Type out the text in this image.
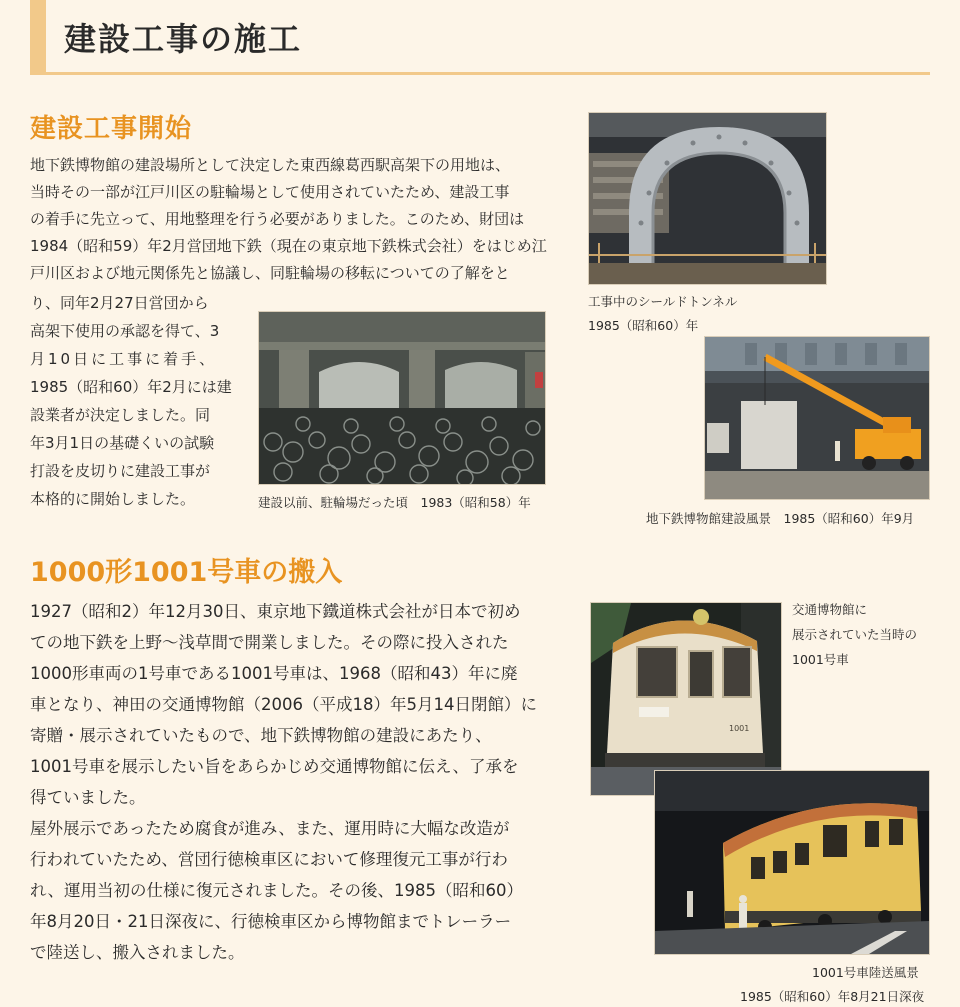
建設工事の施工
建設工事開始
地下鉄博物館の建設場所として決定した東西線葛西駅高架下の用地は、
当時その一部が江戸川区の駐輪場として使用されていたため、建設工事
の着手に先立って、用地整理を行う必要がありました。このため、財団は
1984（昭和59）年2月営団地下鉄（現在の東京地下鉄株式会社）をはじめ江
戸川区および地元関係先と協議し、同駐輪場の移転についての了解をと
り、同年2月27日営団から
高架下使用の承認を得て、3
月10日に工事に着手、
1985（昭和60）年2月には建
設業者が決定しました。同
年3月1日の基礎くいの試験
打設を皮切りに建設工事が
本格的に開始しました。	建設以前、駐輪場だった頃　1983（昭和58）年
工事中のシールドトンネル
1985（昭和60）年
地下鉄博物館建設風景　1985（昭和60）年9月
1000形1001号車の搬入
1927（昭和2）年12月30日、東京地下鐵道株式会社が日本で初め
ての地下鉄を上野～浅草間で開業しました。その際に投入された
1000形車両の1号車である1001号車は、1968（昭和43）年に廃
車となり、神田の交通博物館（2006（平成18）年5月14日閉館）に
寄贈・展示されていたもので、地下鉄博物館の建設にあたり、
1001号車を展示したい旨をあらかじめ交通博物館に伝え、了承を
得ていました。
屋外展示であったため腐食が進み、また、運用時に大幅な改造が
行われていたため、営団行徳検車区において修理復元工事が行わ
れ、運用当初の仕様に復元されました。その後、1985（昭和60）
年8月20日・21日深夜に、行徳検車区から博物館までトレーラー
で陸送し、搬入されました。
1001
交通博物館に
展示されていた当時の
1001号車
1001号車陸送風景
1985（昭和60）年8月21日深夜
